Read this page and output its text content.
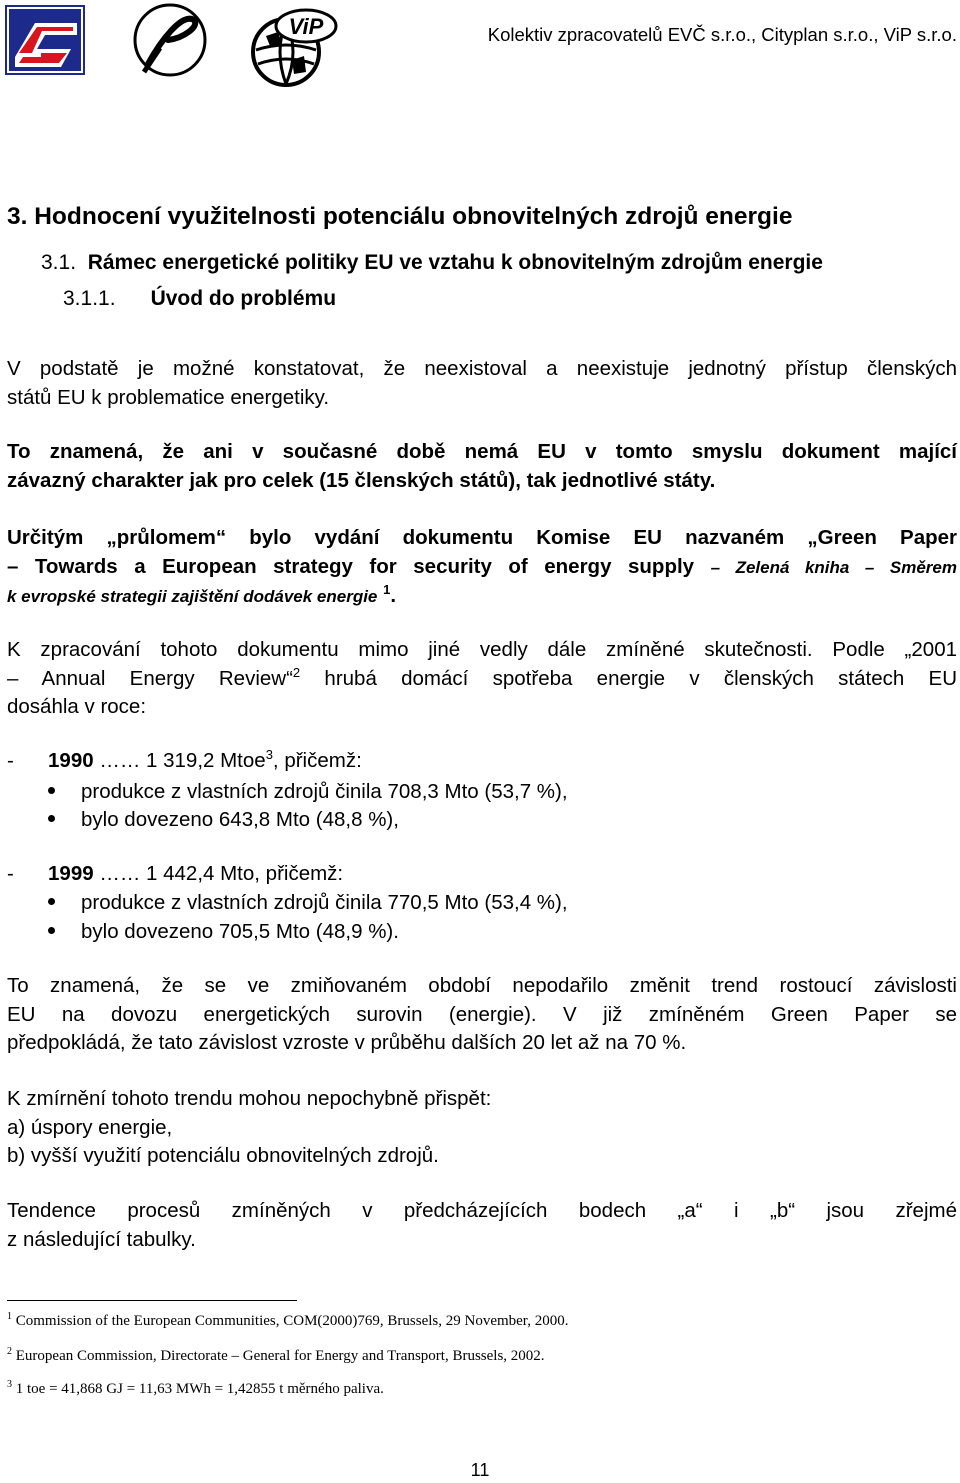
ViP	Kolektiv zpracovatelů EVČ s.r.o., Cityplan s.r.o., ViP s.r.o.
3. Hodnocení využitelnosti potenciálu obnovitelných zdrojů energie
3.1. Rámec energetické politiky EU ve vztahu k obnovitelným zdrojům energie
3.1.1. Úvod do problému
V podstatě je možné konstatovat, že neexistoval a neexistuje jednotný přístup členských
států EU k problematice energetiky.
To znamená, že ani v současné době nemá EU v tomto smyslu dokument mající
závazný charakter jak pro celek (15 členských států), tak jednotlivé státy.
Určitým „průlomem“ bylo vydání dokumentu Komise EU nazvaném „Green Paper
– Towards a European strategy for security of energy supply – Zelená kniha – Směrem
k evropské strategii zajištění dodávek energie $^1$.
K zpracování tohoto dokumentu mimo jiné vedly dále zmíněné skutečnosti. Podle „2001
– Annual Energy Review“$^2$ hrubá domácí spotřeba energie v členských státech EU
dosáhla v roce:
- 1990 …… 1 319,2 Mtoe$^3$, přičemž:
produkce z vlastních zdrojů činila 708,3 Mto (53,7 %),
bylo dovezeno 643,8 Mto (48,8 %),
- 1999 …… 1 442,4 Mto, přičemž:
produkce z vlastních zdrojů činila 770,5 Mto (53,4 %),
bylo dovezeno 705,5 Mto (48,9 %).
To znamená, že se ve zmiňovaném období nepodařilo změnit trend rostoucí závislosti
EU na dovozu energetických surovin (energie). V již zmíněném Green Paper se
předpokládá, že tato závislost vzroste v průběhu dalších 20 let až na 70 %.
K zmírnění tohoto trendu mohou nepochybně přispět:
a) úspory energie,
b) vyšší využití potenciálu obnovitelných zdrojů.
Tendence procesů zmíněných v předcházejících bodech „a“ i „b“ jsou zřejmé
z následující tabulky.
$^1$ Commission of the European Communities, COM(2000)769, Brussels, 29 November, 2000.
$^2$ European Commission, Directorate – General for Energy and Transport, Brussels, 2002.
$^3$ 1 toe = 41,868 GJ = 11,63 MWh = 1,42855 t měrného paliva.
11
